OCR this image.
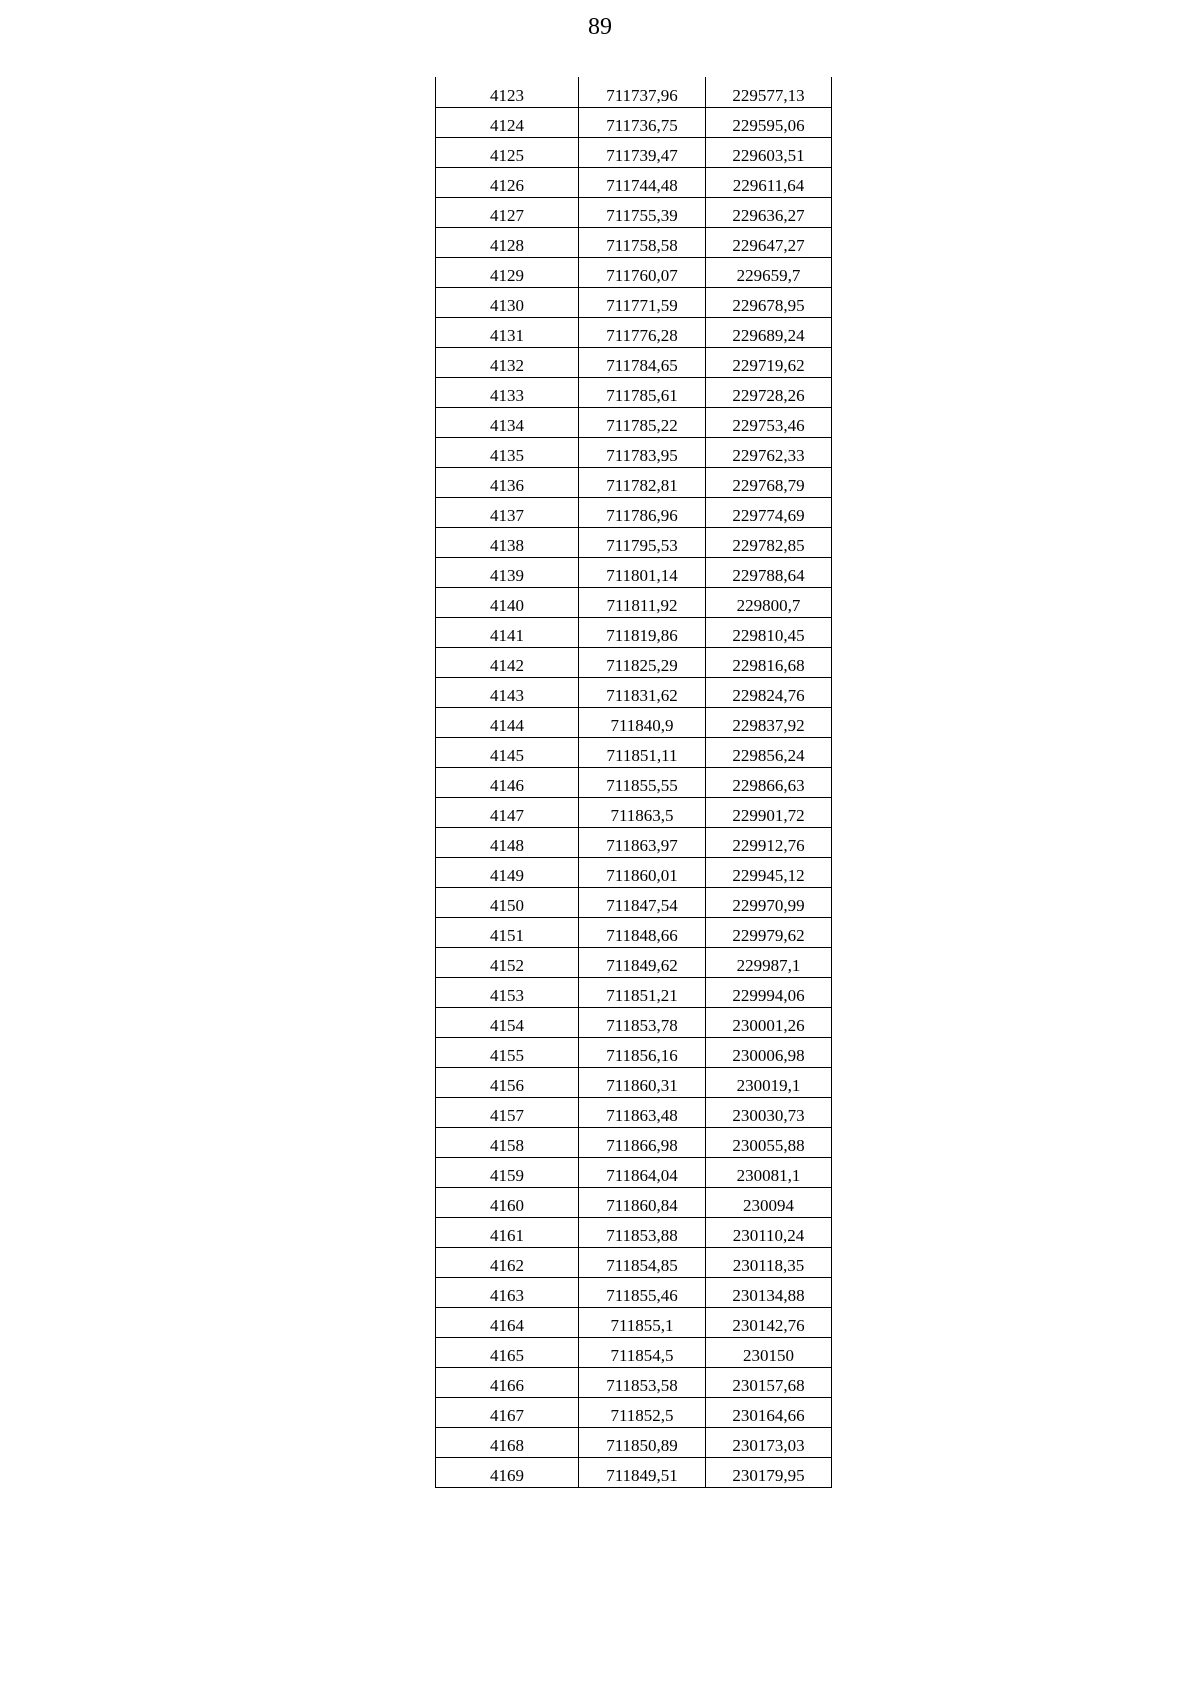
89
4123	711737,96	229577,13
4124	711736,75	229595,06
4125	711739,47	229603,51
4126	711744,48	229611,64
4127	711755,39	229636,27
4128	711758,58	229647,27
4129	711760,07	229659,7
4130	711771,59	229678,95
4131	711776,28	229689,24
4132	711784,65	229719,62
4133	711785,61	229728,26
4134	711785,22	229753,46
4135	711783,95	229762,33
4136	711782,81	229768,79
4137	711786,96	229774,69
4138	711795,53	229782,85
4139	711801,14	229788,64
4140	711811,92	229800,7
4141	711819,86	229810,45
4142	711825,29	229816,68
4143	711831,62	229824,76
4144	711840,9	229837,92
4145	711851,11	229856,24
4146	711855,55	229866,63
4147	711863,5	229901,72
4148	711863,97	229912,76
4149	711860,01	229945,12
4150	711847,54	229970,99
4151	711848,66	229979,62
4152	711849,62	229987,1
4153	711851,21	229994,06
4154	711853,78	230001,26
4155	711856,16	230006,98
4156	711860,31	230019,1
4157	711863,48	230030,73
4158	711866,98	230055,88
4159	711864,04	230081,1
4160	711860,84	230094
4161	711853,88	230110,24
4162	711854,85	230118,35
4163	711855,46	230134,88
4164	711855,1	230142,76
4165	711854,5	230150
4166	711853,58	230157,68
4167	711852,5	230164,66
4168	711850,89	230173,03
4169	711849,51	230179,95
